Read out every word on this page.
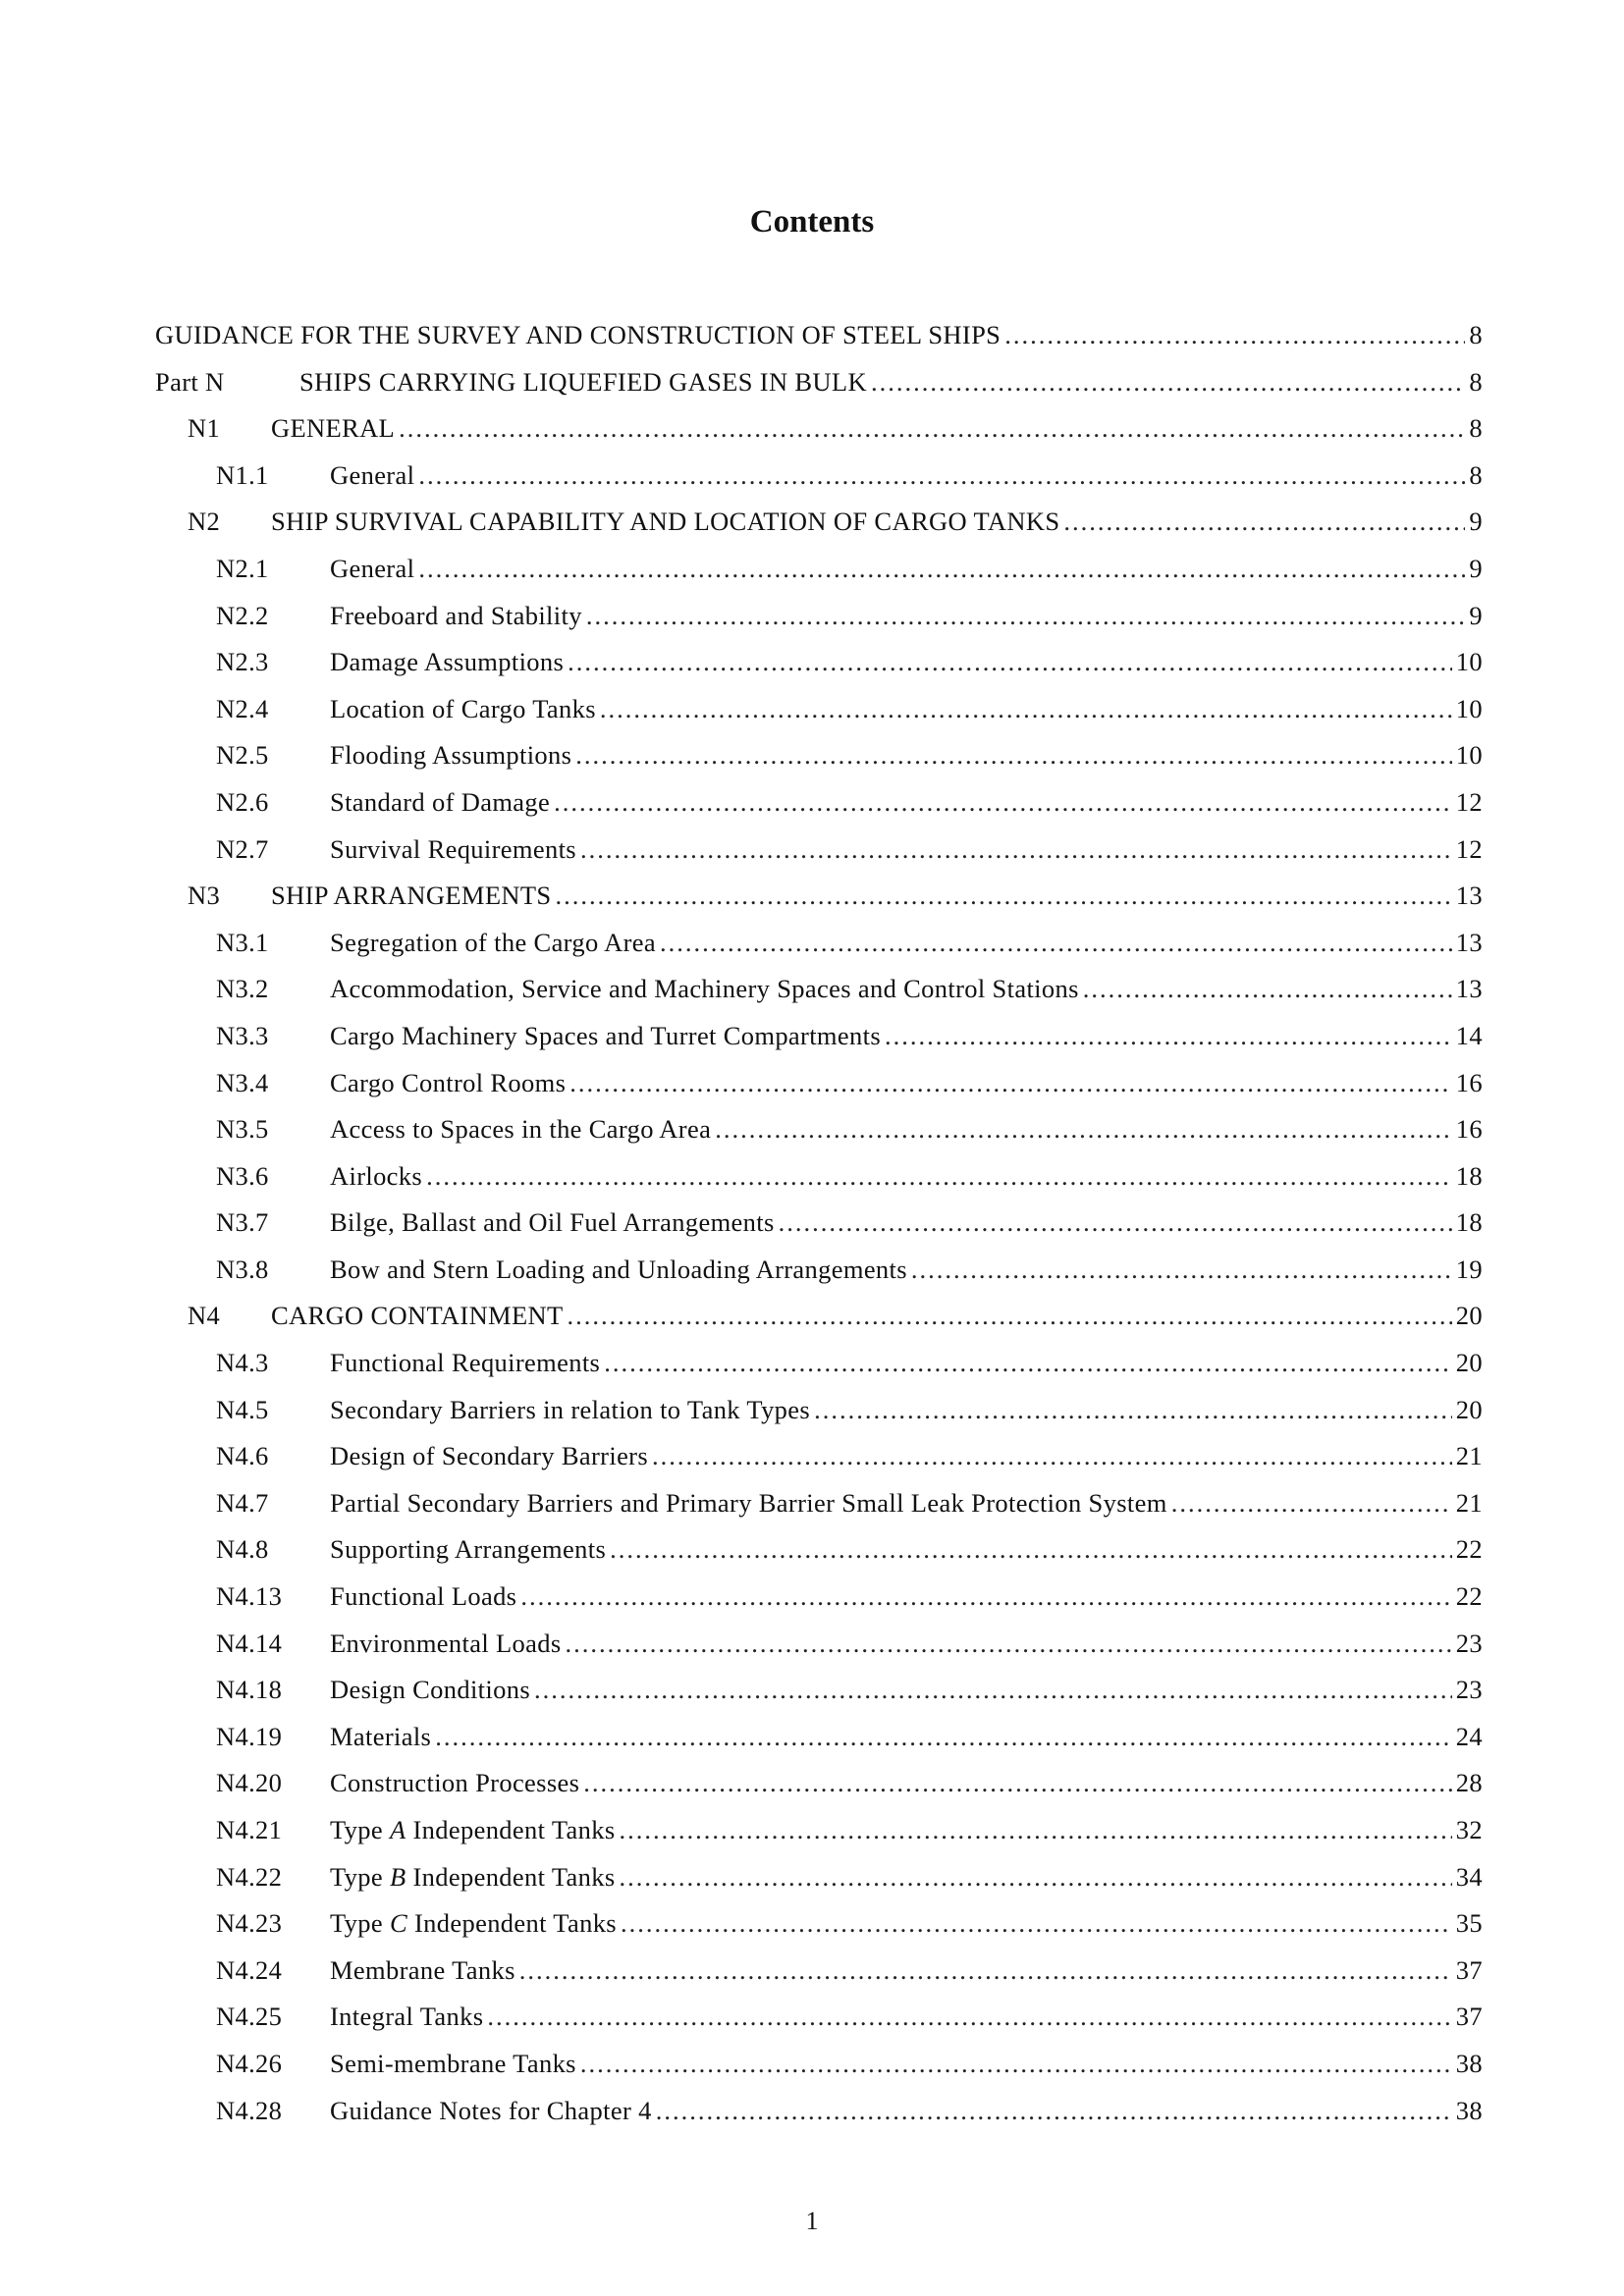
Contents
GUIDANCE FOR THE SURVEY AND CONSTRUCTION OF STEEL SHIPS .....	8
Part N	SHIPS CARRYING LIQUEFIED GASES IN BULK .....	8
N1	GENERAL .....	8
N1.1	General .....	8
N2	SHIP SURVIVAL CAPABILITY AND LOCATION OF CARGO TANKS .....	9
N2.1	General .....	9
N2.2	Freeboard and Stability .....	9
N2.3	Damage Assumptions .....	10
N2.4	Location of Cargo Tanks .....	10
N2.5	Flooding Assumptions .....	10
N2.6	Standard of Damage .....	12
N2.7	Survival Requirements .....	12
N3	SHIP ARRANGEMENTS .....	13
N3.1	Segregation of the Cargo Area .....	13
N3.2	Accommodation, Service and Machinery Spaces and Control Stations .....	13
N3.3	Cargo Machinery Spaces and Turret Compartments .....	14
N3.4	Cargo Control Rooms .....	16
N3.5	Access to Spaces in the Cargo Area .....	16
N3.6	Airlocks .....	18
N3.7	Bilge, Ballast and Oil Fuel Arrangements .....	18
N3.8	Bow and Stern Loading and Unloading Arrangements .....	19
N4	CARGO CONTAINMENT .....	20
N4.3	Functional Requirements .....	20
N4.5	Secondary Barriers in relation to Tank Types .....	20
N4.6	Design of Secondary Barriers .....	21
N4.7	Partial Secondary Barriers and Primary Barrier Small Leak Protection System .....	21
N4.8	Supporting Arrangements .....	22
N4.13	Functional Loads .....	22
N4.14	Environmental Loads .....	23
N4.18	Design Conditions .....	23
N4.19	Materials .....	24
N4.20	Construction Processes .....	28
N4.21	Type A Independent Tanks .....	32
N4.22	Type B Independent Tanks .....	34
N4.23	Type C Independent Tanks .....	35
N4.24	Membrane Tanks .....	37
N4.25	Integral Tanks .....	37
N4.26	Semi-membrane Tanks .....	38
N4.28	Guidance Notes for Chapter 4 .....	38
1
